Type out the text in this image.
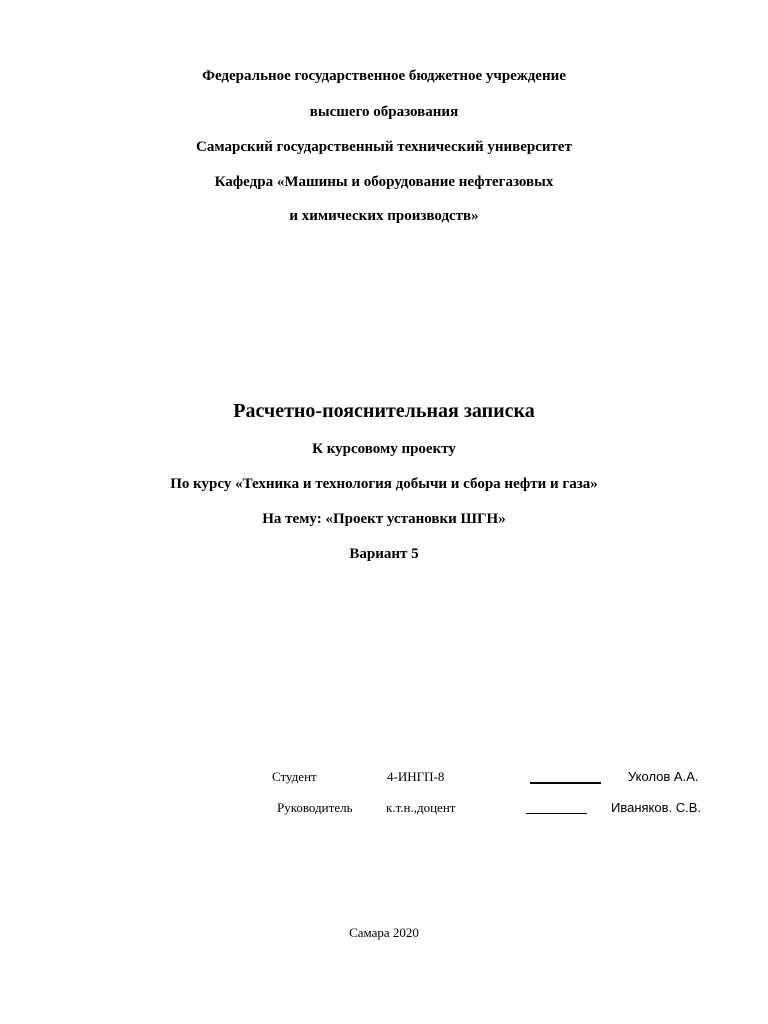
Федеральное государственное бюджетное учреждение
высшего образования
Самарский государственный технический университет
Кафедра «Машины и оборудование нефтегазовых
и химических производств»
Расчетно-пояснительная записка
К курсовому проекту
По курсу «Техника и технология добычи и сбора нефти и газа»
На тему: «Проект установки ШГН»
Вариант 5
Студент	4-ИНГП-8	Уколов А.А.
Руководитель	к.т.н.,доцент	Иваняков. С.В.
Самара 2020
